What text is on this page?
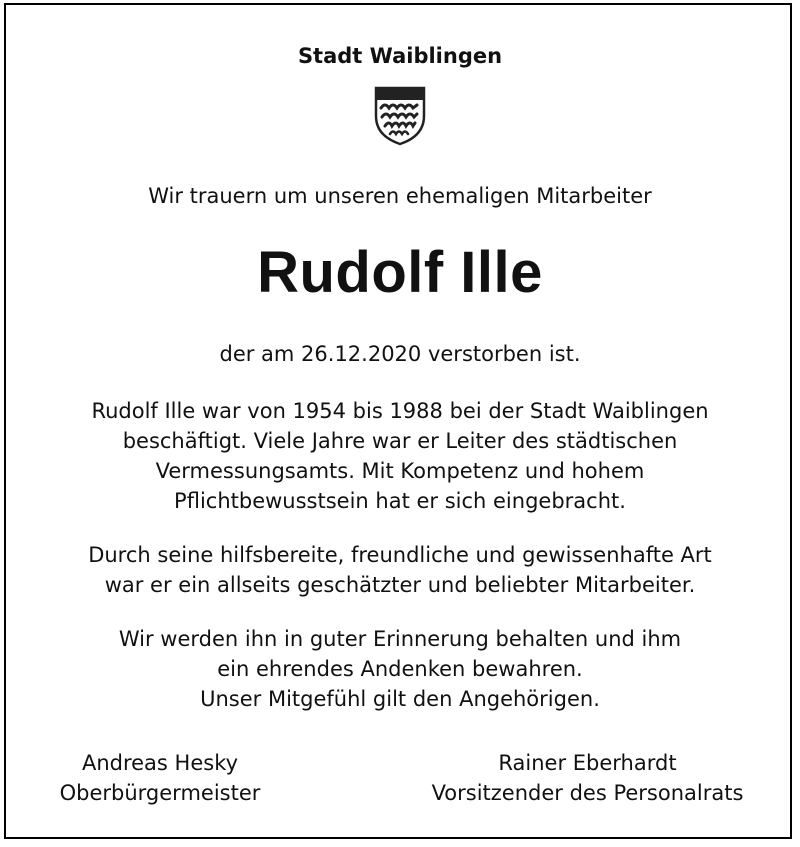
Stadt Waiblingen
Wir trauern um unseren ehemaligen Mitarbeiter
Rudolf Ille
der am 26.12.2020 verstorben ist.
Rudolf Ille war von 1954 bis 1988 bei der Stadt Waiblingen
beschäftigt. Viele Jahre war er Leiter des städtischen
Vermessungsamts. Mit Kompetenz und hohem
Pflichtbewusstsein hat er sich eingebracht.
Durch seine hilfsbereite, freundliche und gewissenhafte Art
war er ein allseits geschätzter und beliebter Mitarbeiter.
Wir werden ihn in guter Erinnerung behalten und ihm
ein ehrendes Andenken bewahren.
Unser Mitgefühl gilt den Angehörigen.
Andreas Hesky
Oberbürgermeister
Rainer Eberhardt
Vorsitzender des Personalrats
